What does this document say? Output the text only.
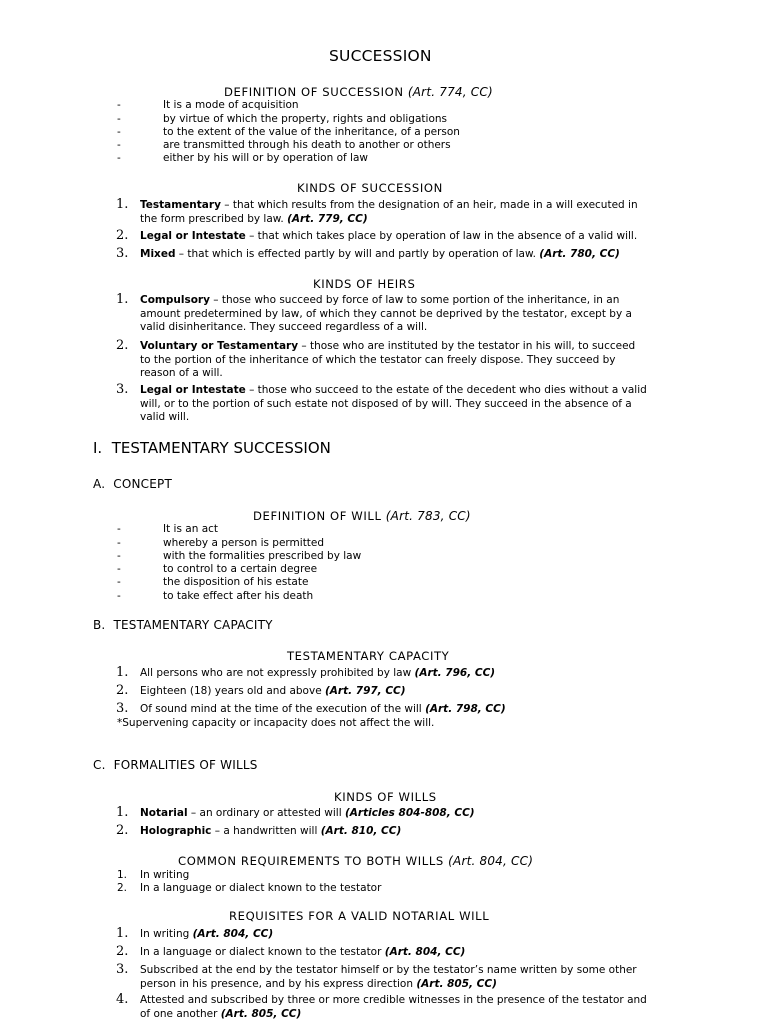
SUCCESSION
DEFINITION OF SUCCESSION (Art. 774, CC)
-	It is a mode of acquisition
-	by virtue of which the property, rights and obligations
-	to the extent of the value of the inheritance, of a person
-	are transmitted through his death to another or others
-	either by his will or by operation of law
KINDS OF SUCCESSION
1. Testamentary – that which results from the designation of an heir, made in a will executed in
the form prescribed by law. (Art. 779, CC)
2. Legal or Intestate – that which takes place by operation of law in the absence of a valid will.
3. Mixed – that which is effected partly by will and partly by operation of law. (Art. 780, CC)
KINDS OF HEIRS
1. Compulsory – those who succeed by force of law to some portion of the inheritance, in an
amount predetermined by law, of which they cannot be deprived by the testator, except by a
valid disinheritance. They succeed regardless of a will.
2. Voluntary or Testamentary – those who are instituted by the testator in his will, to succeed
to the portion of the inheritance of which the testator can freely dispose. They succeed by
reason of a will.
3. Legal or Intestate – those who succeed to the estate of the decedent who dies without a valid
will, or to the portion of such estate not disposed of by will. They succeed in the absence of a
valid will.
I. TESTAMENTARY SUCCESSION
A. CONCEPT
DEFINITION OF WILL (Art. 783, CC)
-	It is an act
-	whereby a person is permitted
-	with the formalities prescribed by law
-	to control to a certain degree
-	the disposition of his estate
-	to take effect after his death
B. TESTAMENTARY CAPACITY
TESTAMENTARY CAPACITY
1. All persons who are not expressly prohibited by law (Art. 796, CC)
2. Eighteen (18) years old and above (Art. 797, CC)
3. Of sound mind at the time of the execution of the will (Art. 798, CC)
*Supervening capacity or incapacity does not affect the will.
C. FORMALITIES OF WILLS
KINDS OF WILLS
1. Notarial – an ordinary or attested will (Articles 804-808, CC)
2. Holographic – a handwritten will (Art. 810, CC)
COMMON REQUIREMENTS TO BOTH WILLS (Art. 804, CC)
1. In writing
2. In a language or dialect known to the testator
REQUISITES FOR A VALID NOTARIAL WILL
1. In writing (Art. 804, CC)
2. In a language or dialect known to the testator (Art. 804, CC)
3. Subscribed at the end by the testator himself or by the testator’s name written by some other
person in his presence, and by his express direction (Art. 805, CC)
4. Attested and subscribed by three or more credible witnesses in the presence of the testator and
of one another (Art. 805, CC)
